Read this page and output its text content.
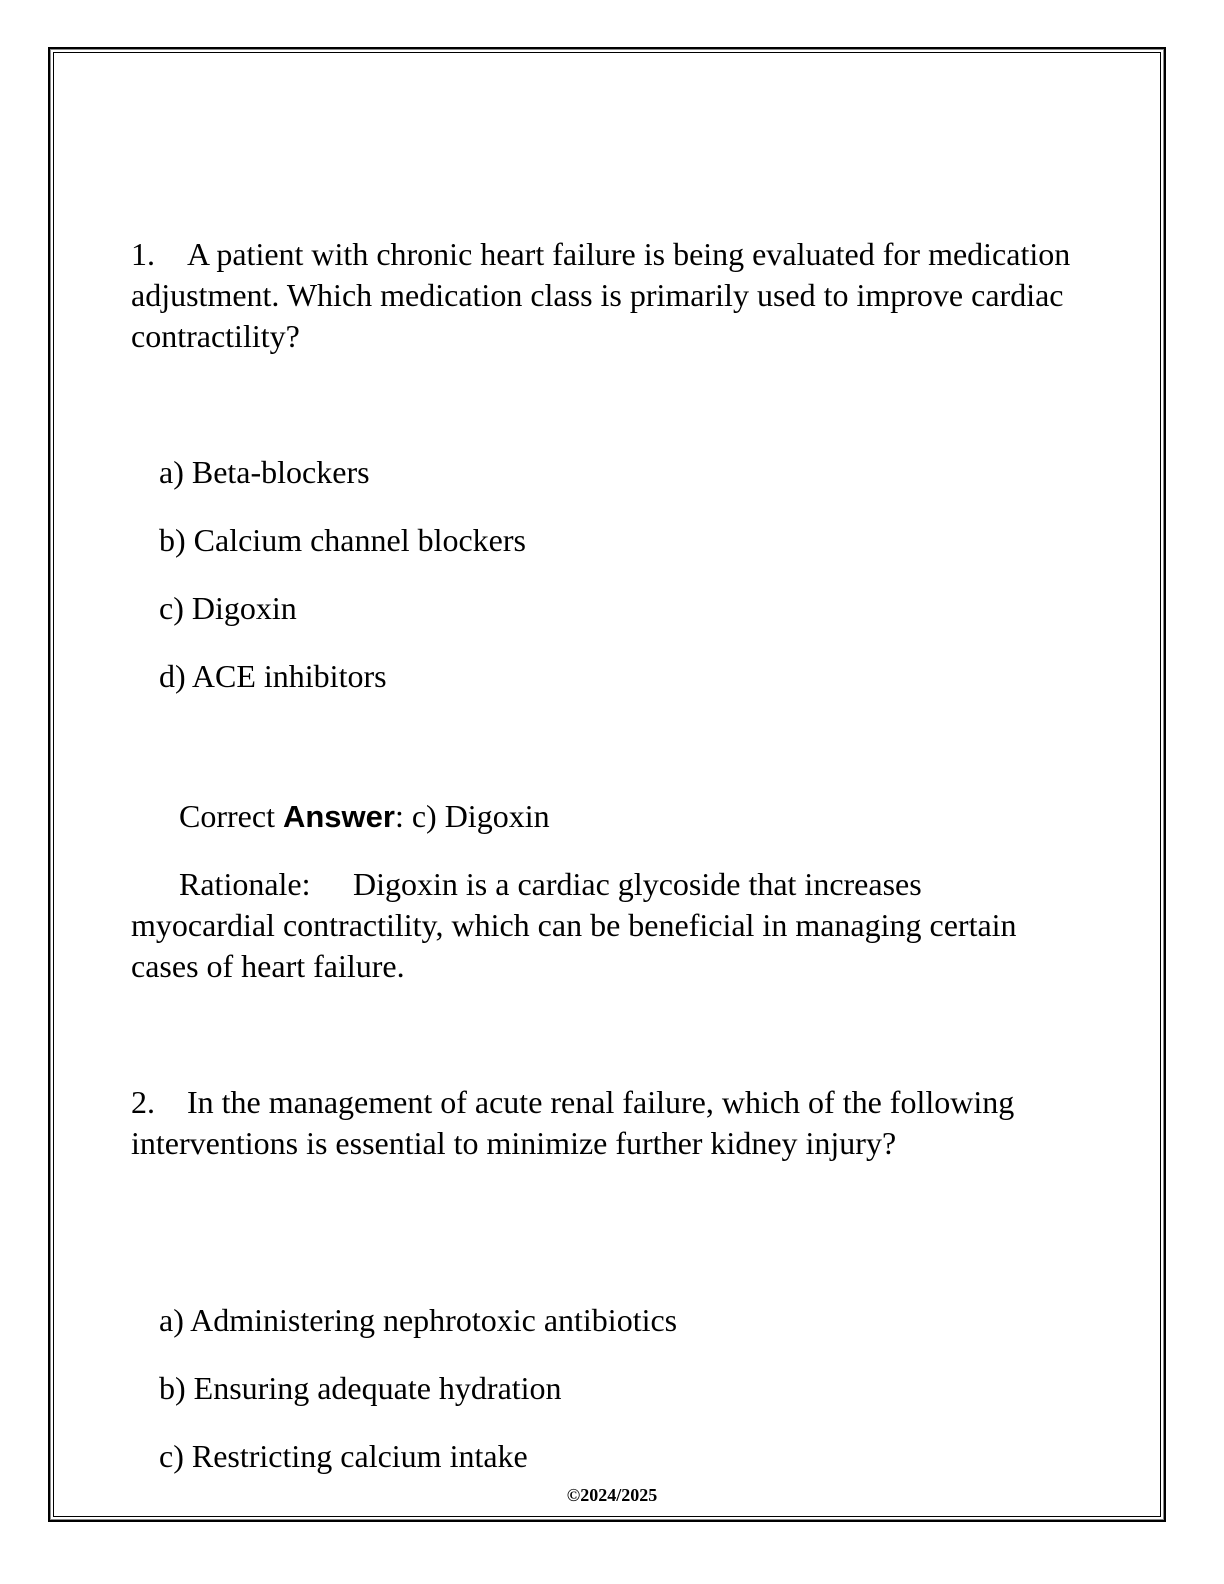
1. A patient with chronic heart failure is being evaluated for medication adjustment. Which medication class is primarily used to improve cardiac contractility?
a) Beta-blockers
b) Calcium channel blockers
c) Digoxin
d) ACE inhibitors
Correct Answer: c) Digoxin
Rationale: Digoxin is a cardiac glycoside that increases myocardial contractility, which can be beneficial in managing certain cases of heart failure.
2. In the management of acute renal failure, which of the following interventions is essential to minimize further kidney injury?
a) Administering nephrotoxic antibiotics
b) Ensuring adequate hydration
c) Restricting calcium intake
©2024/2025
